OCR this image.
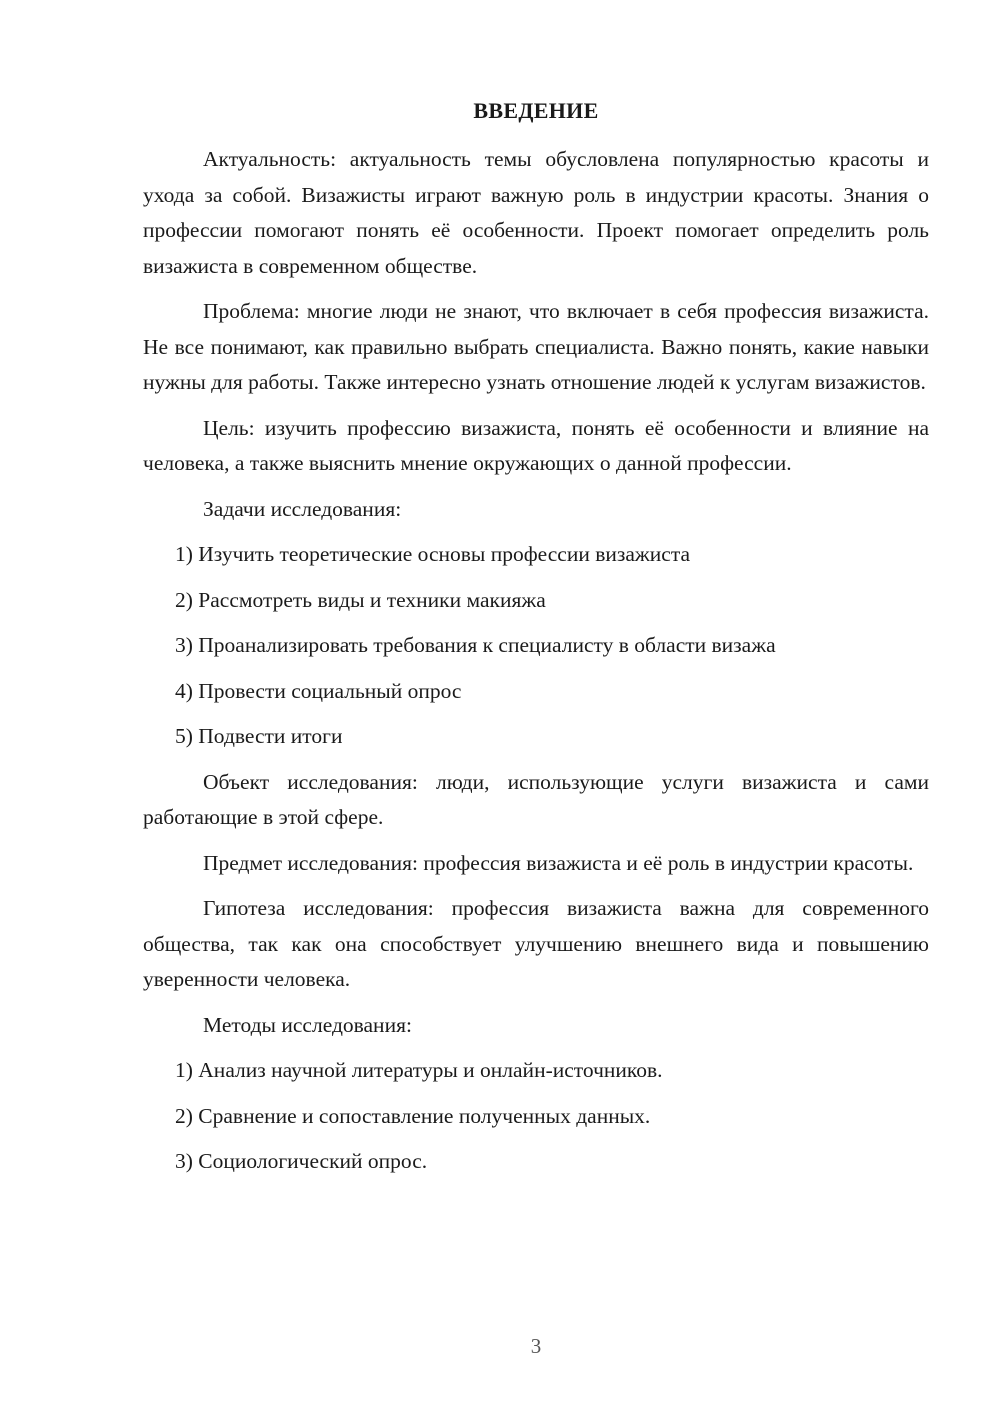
ВВЕДЕНИЕ

Актуальность: актуальность темы обусловлена популярностью красоты и ухода за собой. Визажисты играют важную роль в индустрии красоты. Знания о профессии помогают понять её особенности. Проект помогает определить роль визажиста в современном обществе.

Проблема: многие люди не знают, что включает в себя профессия визажиста. Не все понимают, как правильно выбрать специалиста. Важно понять, какие навыки нужны для работы. Также интересно узнать отношение людей к услугам визажистов.

Цель: изучить профессию визажиста, понять её особенности и влияние на человека, а также выяснить мнение окружающих о данной профессии.

Задачи исследования:

1) Изучить теоретические основы профессии визажиста

2) Рассмотреть виды и техники макияжа

3) Проанализировать требования к специалисту в области визажа

4) Провести социальный опрос

5) Подвести итоги

Объект исследования: люди, использующие услуги визажиста и сами работающие в этой сфере.

Предмет исследования: профессия визажиста и её роль в индустрии красоты.

Гипотеза исследования: профессия визажиста важна для современного общества, так как она способствует улучшению внешнего вида и повышению уверенности человека.

Методы исследования:

1) Анализ научной литературы и онлайн-источников.

2) Сравнение и сопоставление полученных данных.

3) Социологический опрос.

3
